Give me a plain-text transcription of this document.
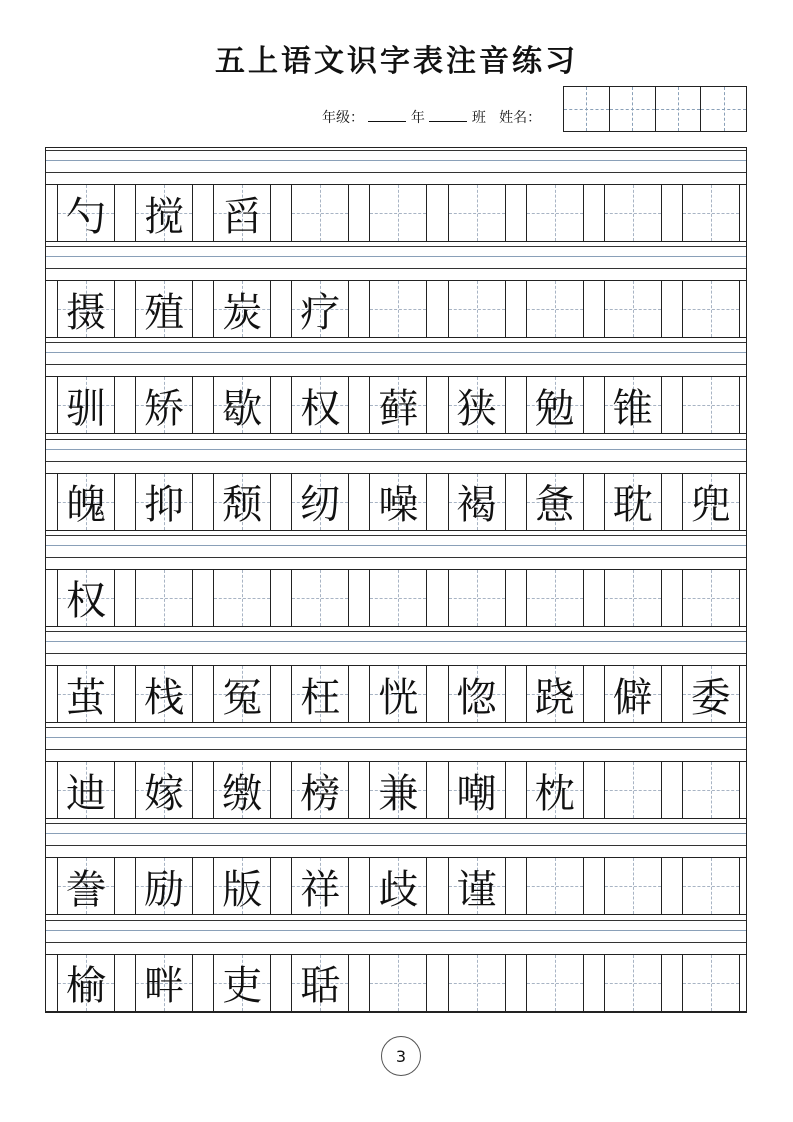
五上语文识字表注音练习
年级：	年	班 姓名：
勺 搅 舀
摄 殖 炭 疗
驯 矫 歇 权 藓 狭 勉 锥
魄 抑 颓 纫 噪 褐 惫 耽 兜
权
茧 栈 冤 枉 恍 惚 跷 僻 委
迪 嫁 缴 榜 兼 嘲 枕
誊 励 版 祥 歧 谨
榆 畔 吏 聒
3
